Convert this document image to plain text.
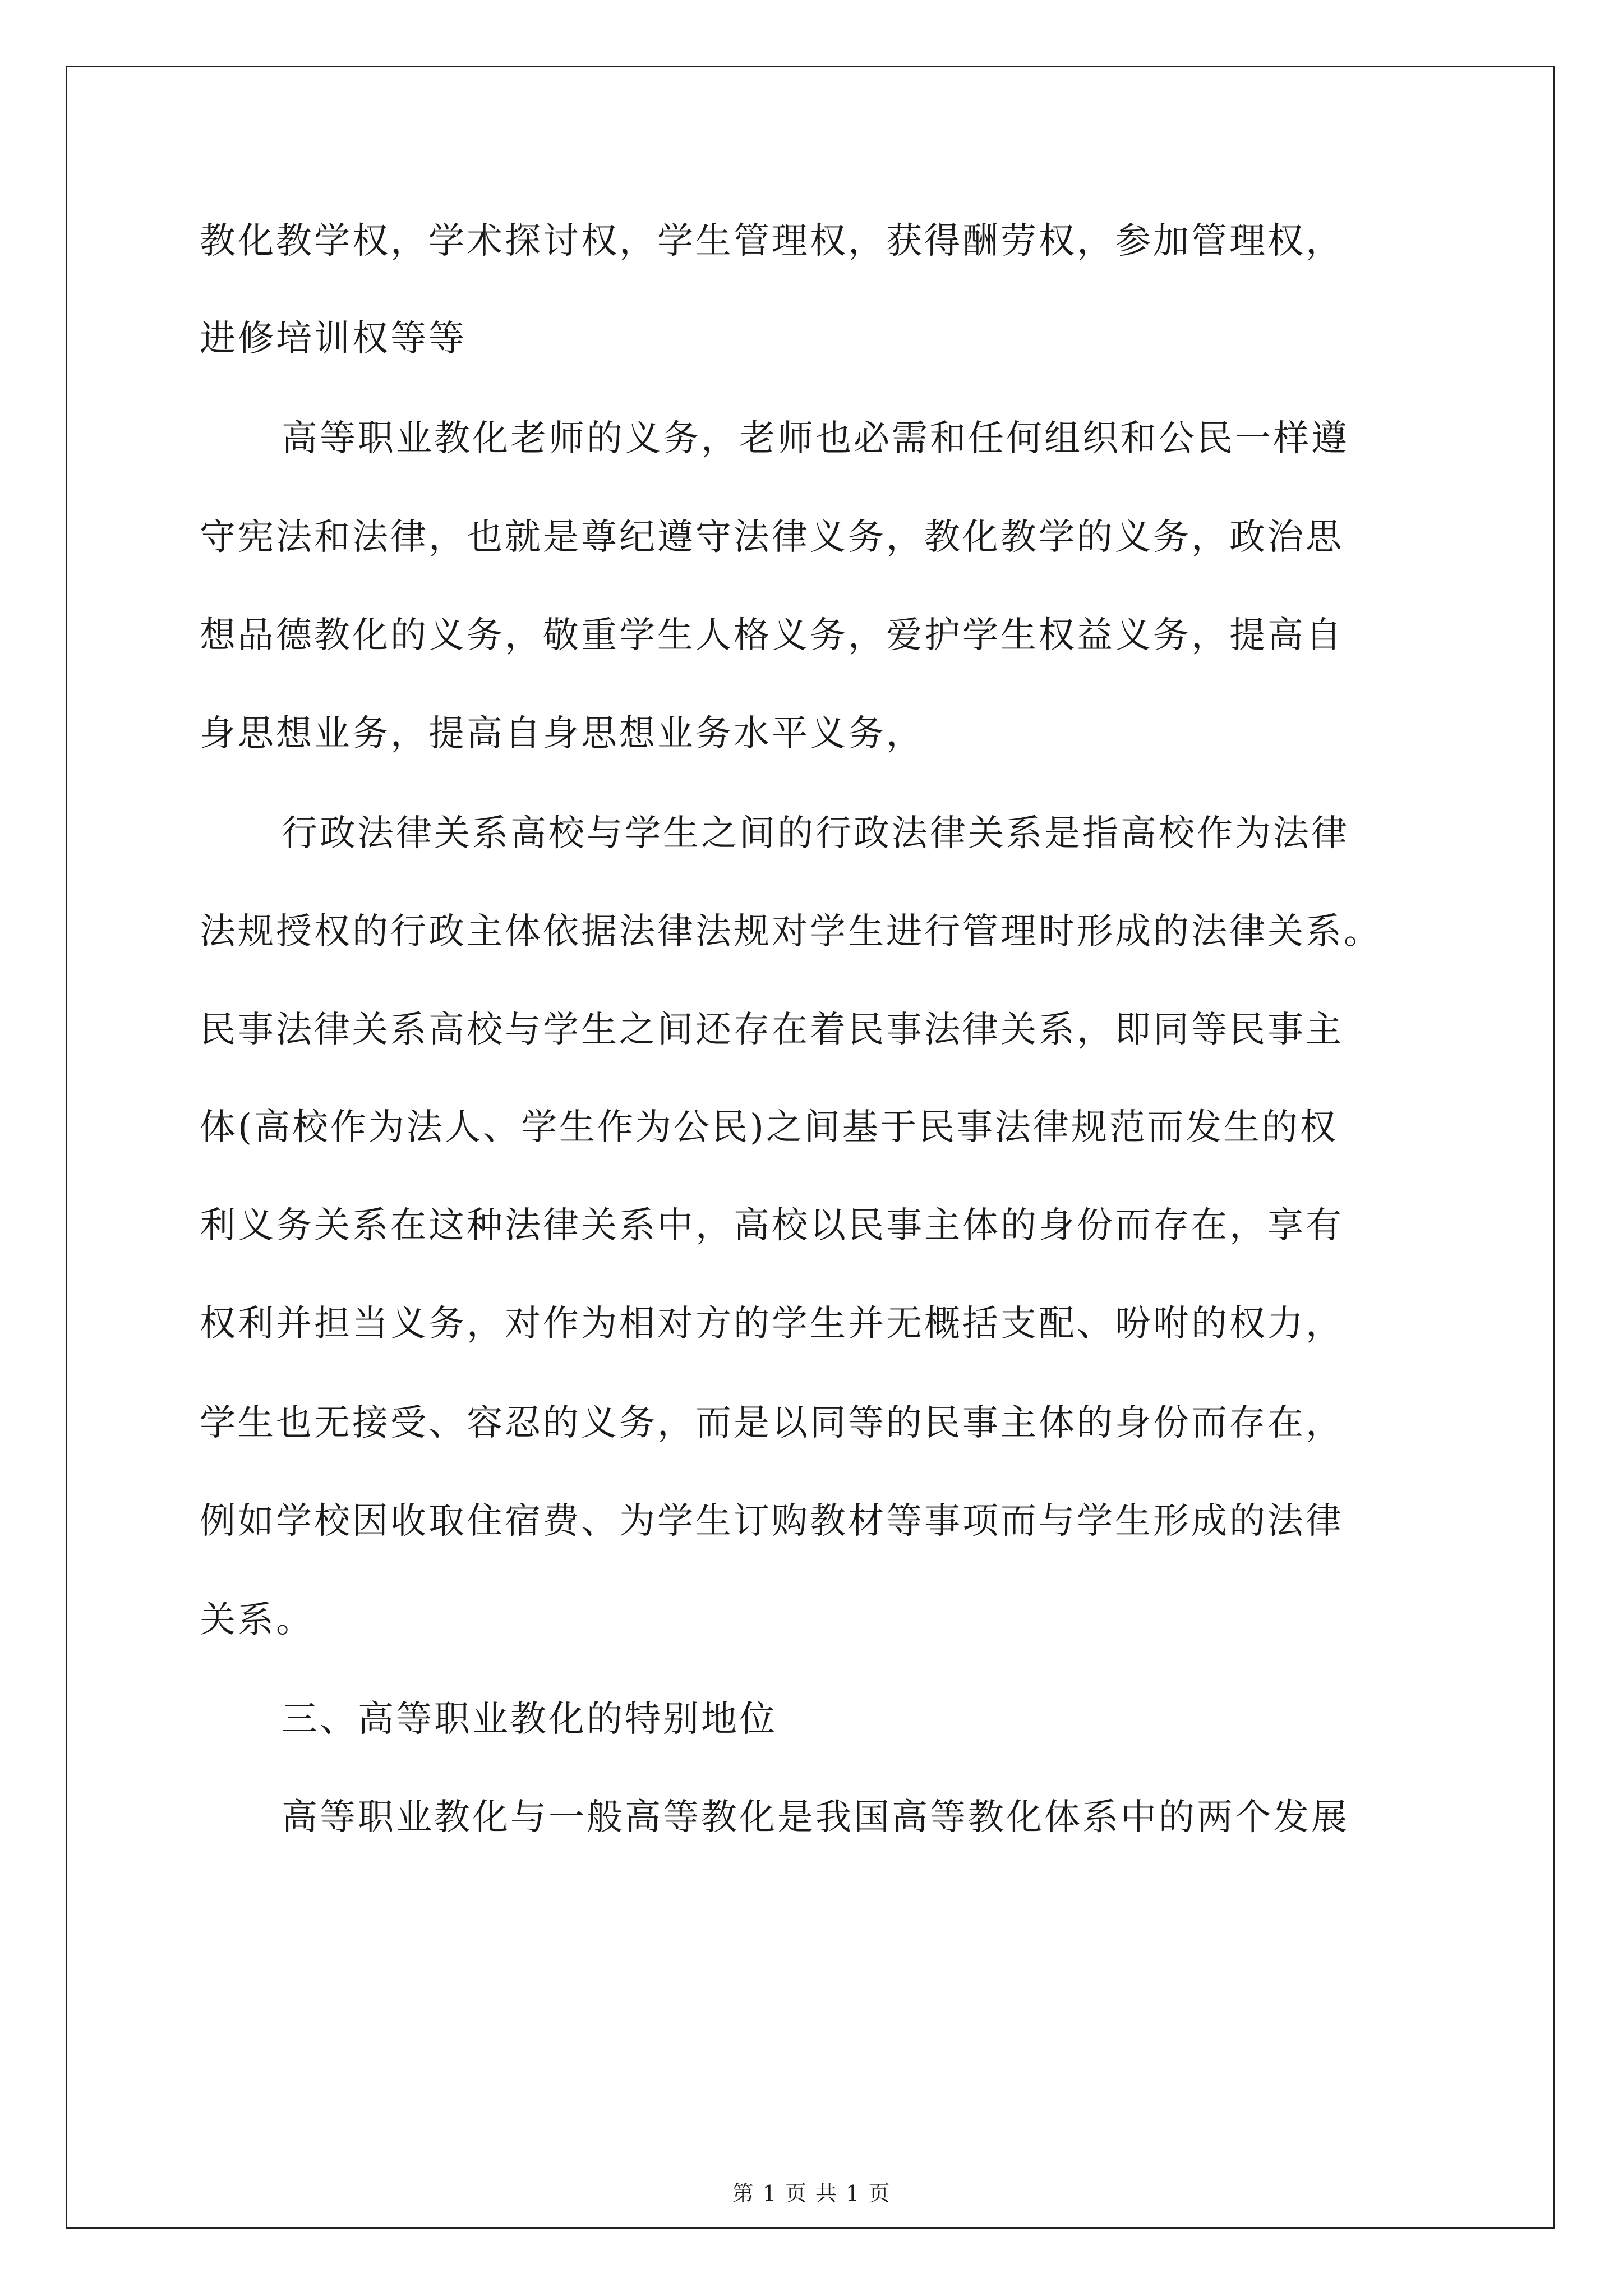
教化教学权，学术探讨权，学生管理权，获得酬劳权，参加管理权，
进修培训权等等
高等职业教化老师的义务，老师也必需和任何组织和公民一样遵
守宪法和法律，也就是尊纪遵守法律义务，教化教学的义务，政治思
想品德教化的义务，敬重学生人格义务，爱护学生权益义务，提高自
身思想业务，提高自身思想业务水平义务，
行政法律关系高校与学生之间的行政法律关系是指高校作为法律
法规授权的行政主体依据法律法规对学生进行管理时形成的法律关系。
民事法律关系高校与学生之间还存在着民事法律关系，即同等民事主
体(高校作为法人、学生作为公民)之间基于民事法律规范而发生的权
利义务关系在这种法律关系中，高校以民事主体的身份而存在，享有
权利并担当义务，对作为相对方的学生并无概括支配、吩咐的权力，
学生也无接受、容忍的义务，而是以同等的民事主体的身份而存在，
例如学校因收取住宿费、为学生订购教材等事项而与学生形成的法律
关系。
三、高等职业教化的特别地位
高等职业教化与一般高等教化是我国高等教化体系中的两个发展
第 1 页 共 1 页
